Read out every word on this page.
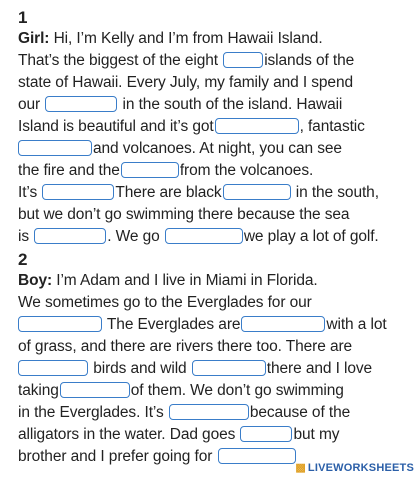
1
Girl: Hi, I’m Kelly and I’m from Hawaii Island.
That’s the biggest of the eight	islands of the
state of Hawaii. Every July, my family and I spend
our	in the south of the island. Hawaii
Island is beautiful and it’s got	, fantastic
and volcanoes. At night, you can see
the fire and the	from the volcanoes.
It’s	There are black	in the south,
but we don’t go swimming there because the sea
is	. We go	we play a lot of golf.
2
Boy: I’m Adam and I live in Miami in Florida.
We sometimes go to the Everglades for our
The Everglades are	with a lot
of grass, and there are rivers there too. There are
birds and wild	there and I love
taking	of them. We don’t go swimming
in the Everglades. It’s	because of the
alligators in the water. Dad goes	but my
brother and I prefer going for
▩ LIVEWORKSHEETS
